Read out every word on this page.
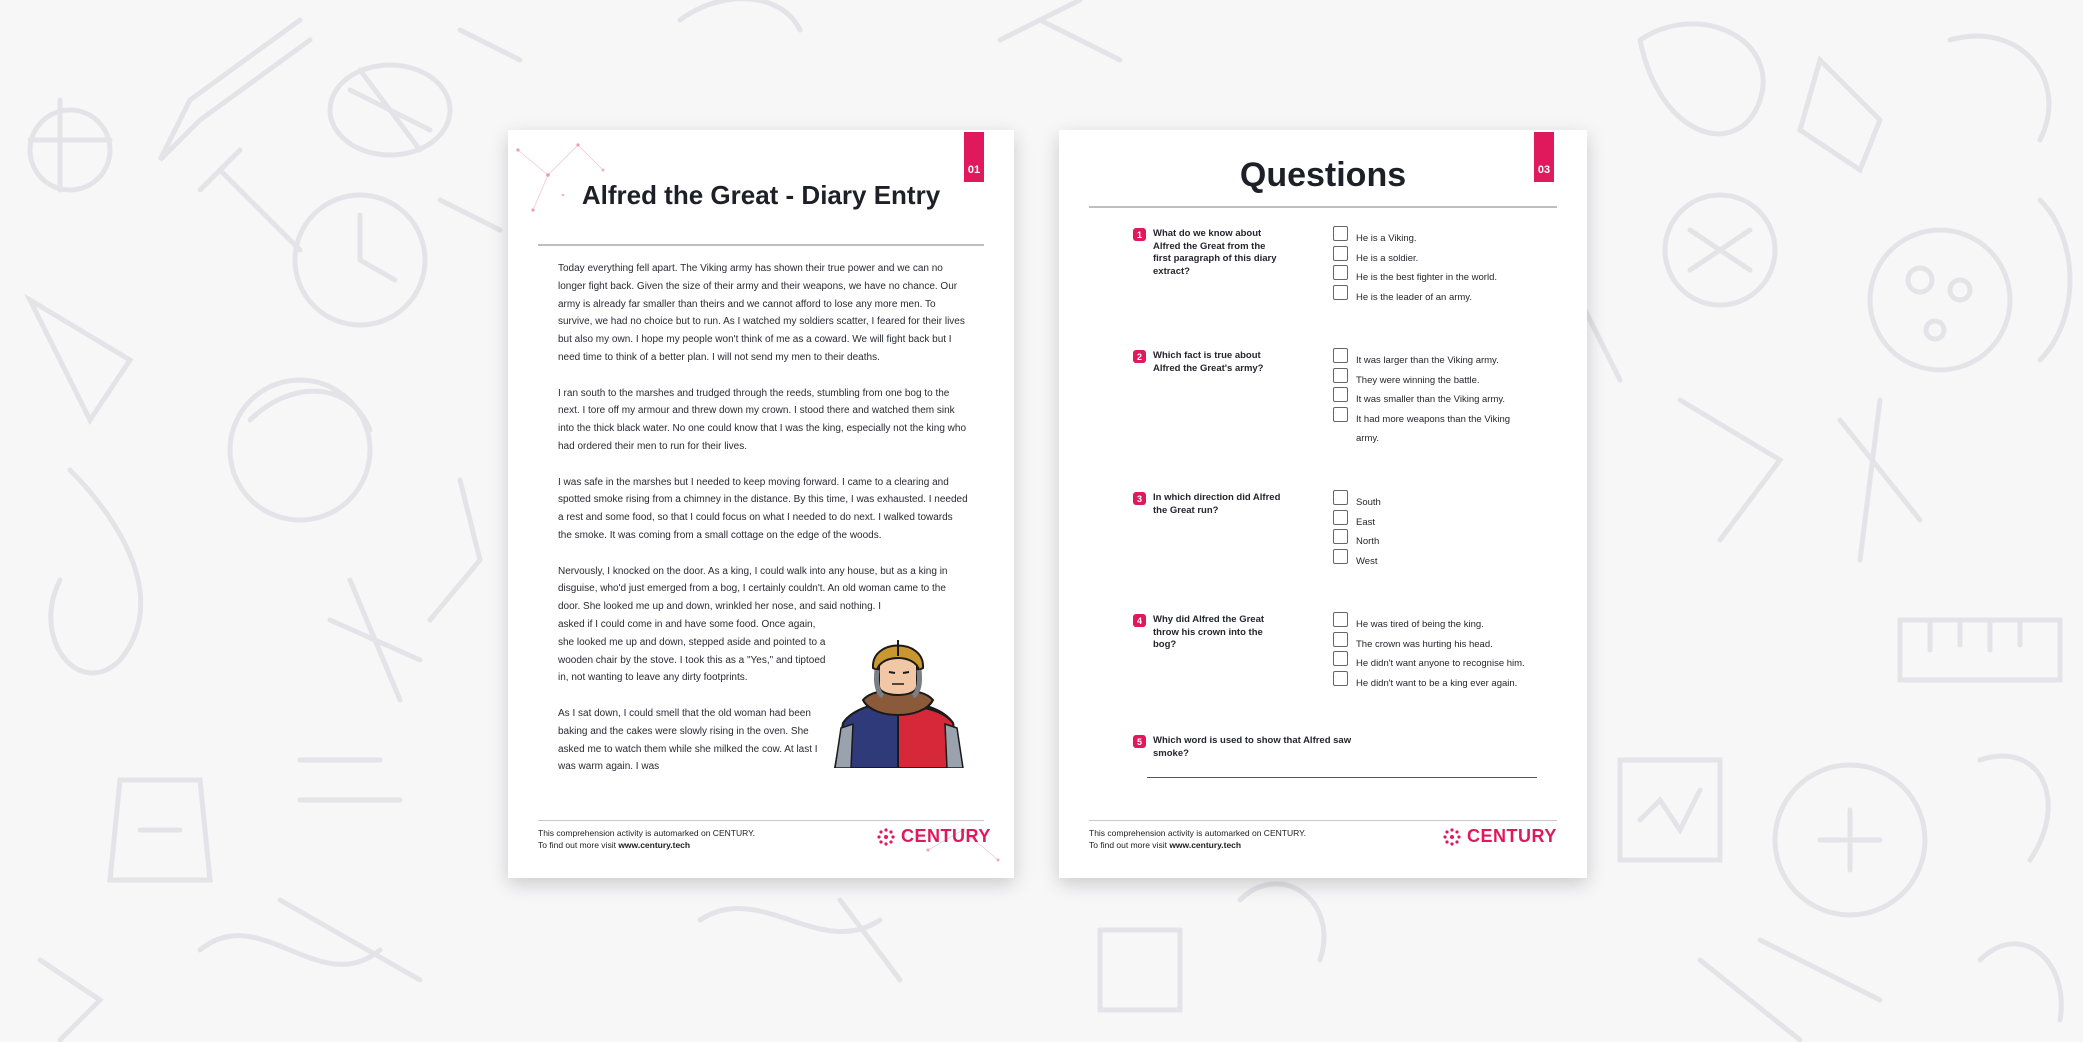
01
Alfred the Great - Diary Entry

Today everything fell apart. The Viking army has shown their true power and we can no longer fight back. Given the size of their army and their weapons, we have no chance. Our army is already far smaller than theirs and we cannot afford to lose any more men. To survive, we had no choice but to run. As I watched my soldiers scatter, I feared for their lives but also my own. I hope my people won't think of me as a coward. We will fight back but I need time to think of a better plan. I will not send my men to their deaths.

I ran south to the marshes and trudged through the reeds, stumbling from one bog to the next. I tore off my armour and threw down my crown. I stood there and watched them sink into the thick black water. No one could know that I was the king, especially not the king who had ordered their men to run for their lives.

I was safe in the marshes but I needed to keep moving forward. I came to a clearing and spotted smoke rising from a chimney in the distance. By this time, I was exhausted. I needed a rest and some food, so that I could focus on what I needed to do next. I walked towards the smoke. It was coming from a small cottage on the edge of the woods.

Nervously, I knocked on the door. As a king, I could walk into any house, but as a king in disguise, who'd just emerged from a bog, I certainly couldn't. An old woman came to the door. She looked me up and down, wrinkled her nose, and said nothing. I

asked if I could come in and have some food. Once again, she looked me up and down, stepped aside and pointed to a wooden chair by the stove. I took this as a "Yes," and tiptoed in, not wanting to leave any dirty footprints.

As I sat down, I could smell that the old woman had been baking and the cakes were slowly rising in the oven. She asked me to watch them while she milked the cow. At last I was warm again. I was

This comprehension activity is automarked on CENTURY.
To find out more visit www.century.tech	CENTURY
03
Questions
1	What do we know about Alfred the Great from the first paragraph of this diary extract?
He is a Viking.
He is a soldier.
He is the best fighter in the world.
He is the leader of an army.
2	Which fact is true about Alfred the Great's army?
It was larger than the Viking army.
They were winning the battle.
It was smaller than the Viking army.
It had more weapons than the Viking army.
3	In which direction did Alfred the Great run?
South
East
North
West
4	Why did Alfred the Great throw his crown into the bog?
He was tired of being the king.
The crown was hurting his head.
He didn't want anyone to recognise him.
He didn't want to be a king ever again.
5	Which word is used to show that Alfred saw smoke?
This comprehension activity is automarked on CENTURY.
To find out more visit www.century.tech	CENTURY
